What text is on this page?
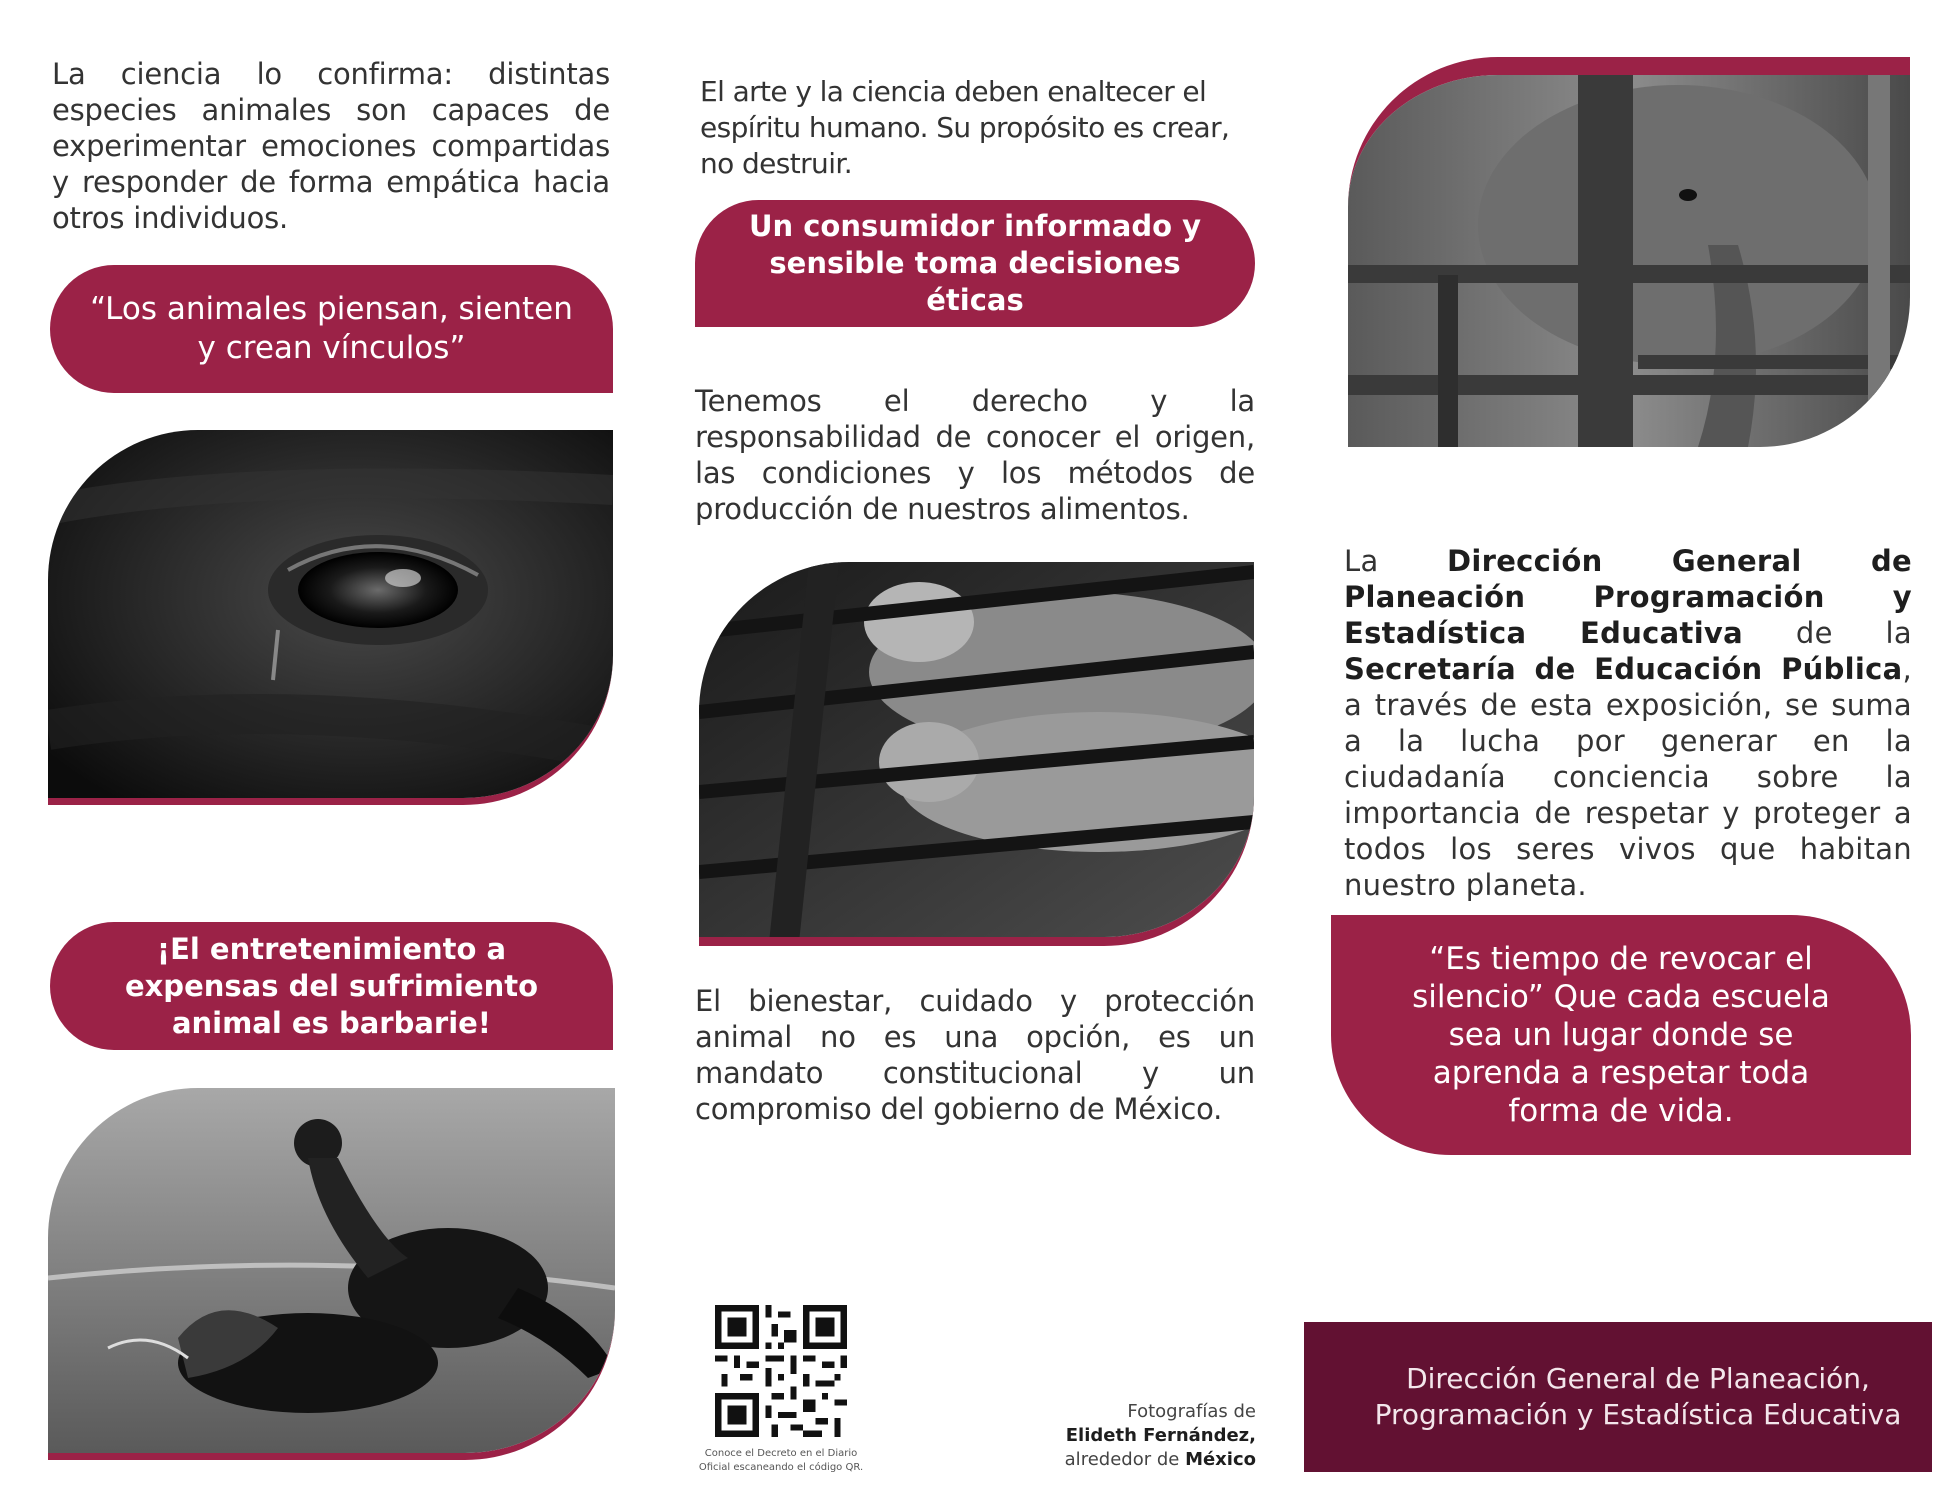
La ciencia lo confirma: distintas especies animales son capaces de experimentar emociones compartidas y responder de forma empática hacia otros individuos.
“Los animales piensan, sienten y crean vínculos”
¡El entretenimiento a expensas del sufrimiento animal es barbarie!
El arte y la ciencia deben enaltecer el espíritu humano. Su propósito es crear, no destruir.
Un consumidor informado y sensible toma decisiones éticas
Tenemos el derecho y la responsabilidad de conocer el origen, las condiciones y los métodos de producción de nuestros alimentos.
El bienestar, cuidado y protección animal no es una opción, es un mandato constitucional y un compromiso del gobierno de México.
Conoce el Decreto en el Diario
Oficial escaneando el código QR.
Fotografías de
Elideth Fernández,
alrededor de México
La Dirección General de Planeación Programación y Estadística Educativa de la Secretaría de Educación Pública, a través de esta exposición, se suma a la lucha por generar en la ciudadanía conciencia sobre la importancia de respetar y proteger a todos los seres vivos que habitan nuestro planeta.
“Es tiempo de revocar el silencio” Que cada escuela sea un lugar donde se aprenda a respetar toda forma de vida.
Dirección General de Planeación,
Programación y Estadística Educativa
